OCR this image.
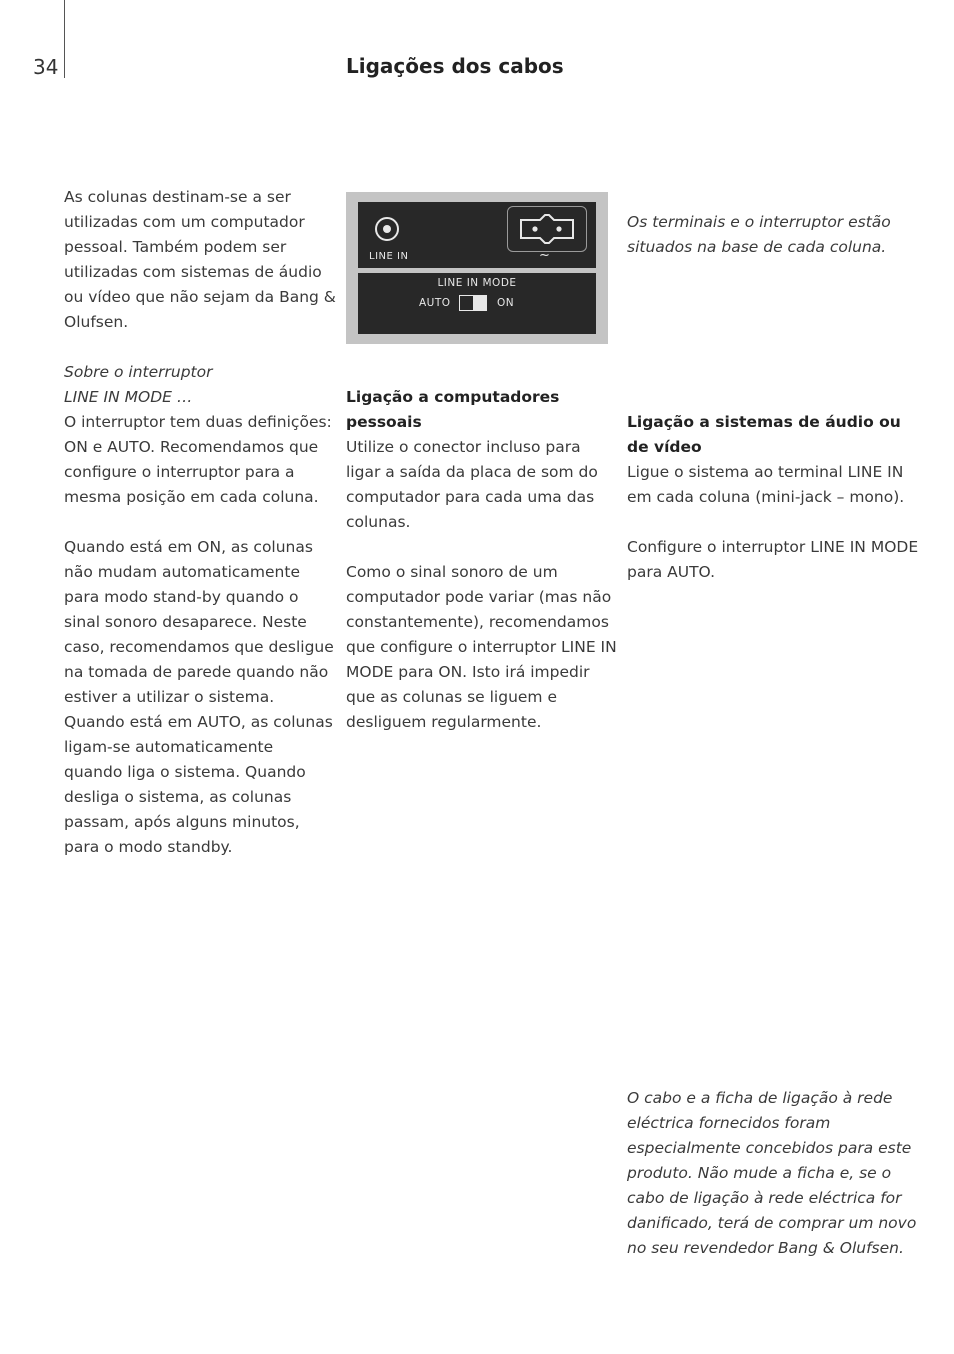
34	Ligações dos cabos

As colunas destinam-se a ser utilizadas com um computador pessoal. Também podem ser utilizadas com sistemas de áudio ou vídeo que não sejam da Bang & Olufsen.

Sobre o interruptor

LINE IN MODE …

O interruptor tem duas definições: ON e AUTO. Recomendamos que configure o interruptor para a mesma posição em cada coluna.

Quando está em ON, as colunas não mudam automaticamente para modo stand-by quando o sinal sonoro desaparece. Neste caso, recomendamos que desligue na tomada de parede quando não estiver a utilizar o sistema. Quando está em AUTO, as colunas ligam-se automaticamente quando liga o sistema. Quando desliga o sistema, as colunas passam, após alguns minutos, para o modo standby.

LINE IN	~
LINE IN MODE
AUTO	ON

Ligação a computadores pessoais

Utilize o conector incluso para ligar a saída da placa de som do computador para cada uma das colunas.

Como o sinal sonoro de um computador pode variar (mas não constantemente), recomendamos que configure o interruptor LINE IN MODE para ON. Isto irá impedir que as colunas se liguem e desliguem regularmente.

Os terminais e o interruptor estão situados na base de cada coluna.

Ligação a sistemas de áudio ou de vídeo

Ligue o sistema ao terminal LINE IN em cada coluna (mini-jack – mono).

Configure o interruptor LINE IN MODE para AUTO.

O cabo e a ficha de ligação à rede eléctrica fornecidos foram especialmente concebidos para este produto. Não mude a ficha e, se o cabo de ligação à rede eléctrica for danificado, terá de comprar um novo no seu revendedor Bang & Olufsen.
